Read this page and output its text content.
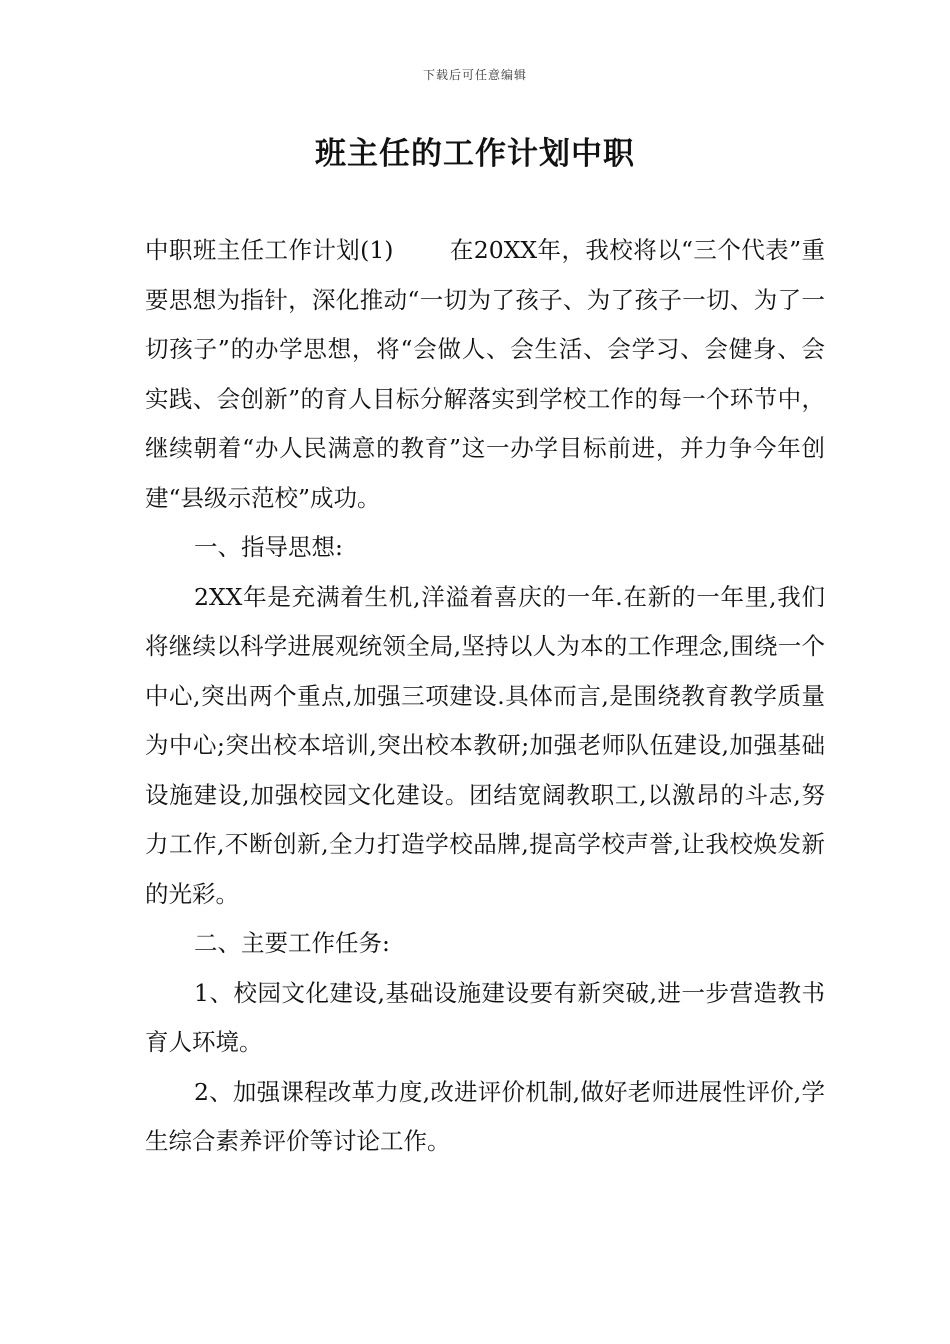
下载后可任意编辑
班主任的工作计划中职

中职班主任工作计划(1) 在20XX年，我校将以“三个代表”重要思想为指针，深化推动“一切为了孩子、为了孩子一切、为了一切孩子”的办学思想，将“会做人、会生活、会学习、会健身、会实践、会创新”的育人目标分解落实到学校工作的每一个环节中，继续朝着“办人民满意的教育”这一办学目标前进，并力争今年创建“县级示范校”成功。

一、指导思想:

2XX年是充满着生机,洋溢着喜庆的一年.在新的一年里,我们将继续以科学进展观统领全局,坚持以人为本的工作理念,围绕一个中心,突出两个重点,加强三项建设.具体而言,是围绕教育教学质量为中心;突出校本培训,突出校本教研;加强老师队伍建设,加强基础设施建设,加强校园文化建设。团结宽阔教职工,以激昂的斗志,努力工作,不断创新,全力打造学校品牌,提高学校声誉,让我校焕发新的光彩。

二、主要工作任务:

1、校园文化建设,基础设施建设要有新突破,进一步营造教书育人环境。

2、加强课程改革力度,改进评价机制,做好老师进展性评价,学生综合素养评价等讨论工作。
